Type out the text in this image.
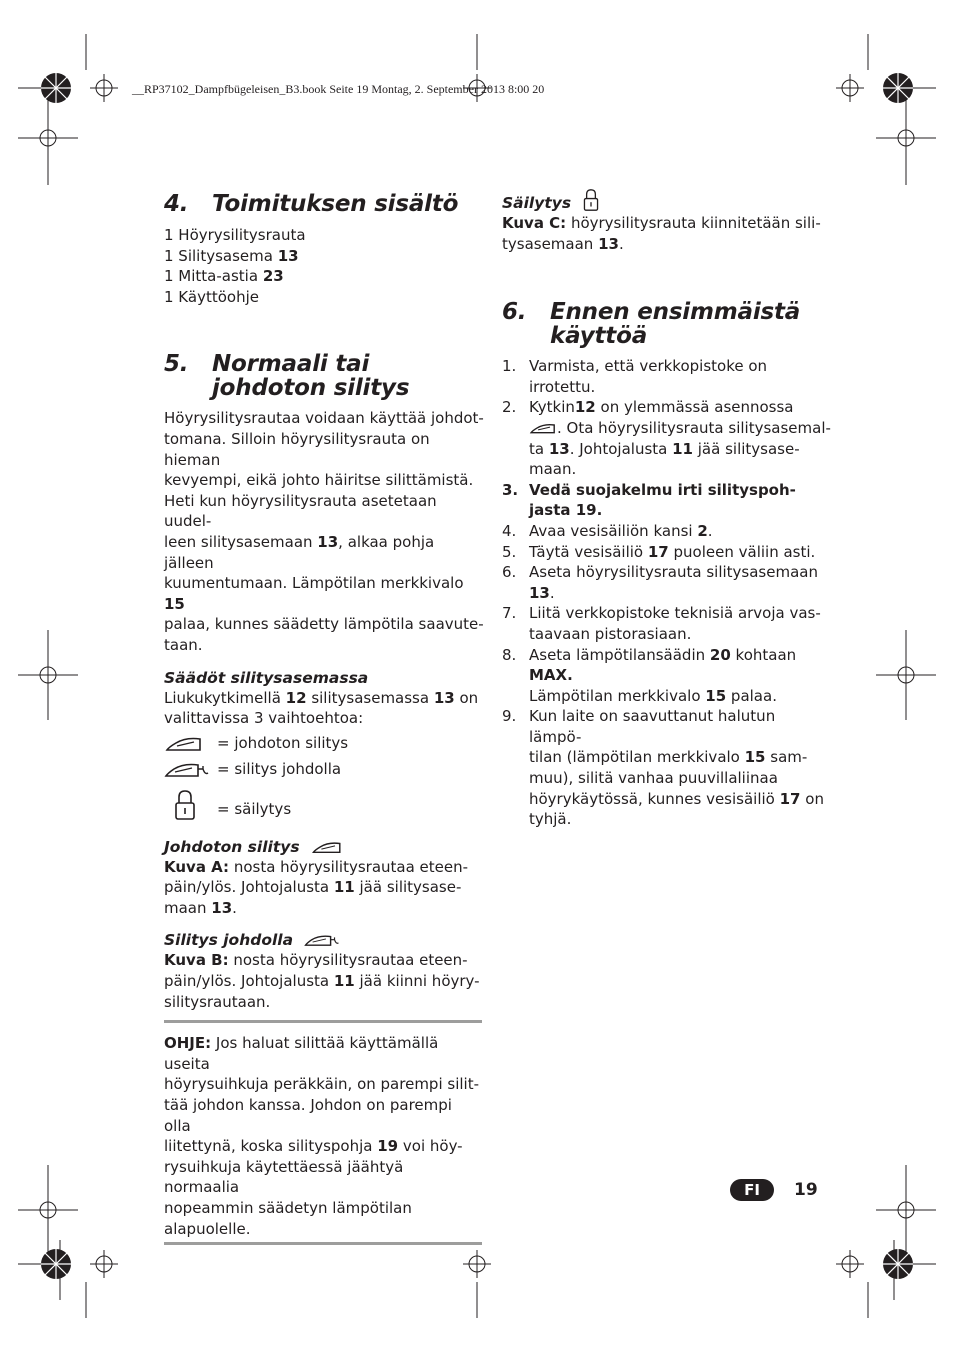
__RP37102_Dampfbügeleisen_B3.book Seite 19 Montag, 2. September 2013 8:00 20
4. Toimituksen sisältö

1 Höyrysilitysrauta

1 Silitysasema 13

1 Mitta-astia 23

1 Käyttöohje

5. Normaali tai
johdoton silitys

Höyrysilitysrautaa voidaan käyttää johdot-

tomana. Silloin höyrysilitysrauta on hieman

kevyempi, eikä johto häiritse silittämistä.

Heti kun höyrysilitysrauta asetetaan uudel-

leen silitysasemaan 13, alkaa pohja jälleen

kuumentumaan. Lämpötilan merkkivalo 15

palaa, kunnes säädetty lämpötila saavute-

taan.

Säädöt silitysasemassa

Liukukytkimellä 12 silitysasemassa 13 on

valittavissa 3 vaihtoehtoa:

= johdoton silitys
= silitys johdolla
= säilytys
Johdoton silitys

Kuva A: nosta höyrysilitysrautaa eteen-

päin/ylös. Johtojalusta 11 jää silitysase-

maan 13.

Silitys johdolla

Kuva B: nosta höyrysilitysrautaa eteen-

päin/ylös. Johtojalusta 11 jää kiinni höyry-

silitysrautaan.

OHJE: Jos haluat silittää käyttämällä useita

höyrysuihkuja peräkkäin, on parempi silit-

tää johdon kanssa. Johdon on parempi olla

liitettynä, koska silityspohja 19 voi höy-

rysuihkuja käytettäessä jäähtyä normaalia

nopeammin säädetyn lämpötilan alapuolelle.

Säilytys

Kuva C: höyrysilitysrauta kiinnitetään sili-

tysasemaan 13.

6. Ennen ensimmäistä
käyttöä
1. Varmista, että verkkopistoke on irrotettu.
2. Kytkin12 on ylemmässä asennossa

. Ota höyrysilitysrauta silitysasemal-

ta 13. Johtojalusta 11 jää silitysase-

maan.

3. Vedä suojakelmu irti silityspoh-

jasta 19.

4. Avaa vesisäiliön kansi 2.
5. Täytä vesisäiliö 17 puoleen väliin asti.
6. Aseta höyrysilitysrauta silitysasemaan

13.

7. Liitä verkkopistoke teknisiä arvoja vas-

taavaan pistorasiaan.

8. Aseta lämpötilansäädin 20 kohtaan

MAX.

Lämpötilan merkkivalo 15 palaa.

9. Kun laite on saavuttanut halutun lämpö-

tilan (lämpötilan merkkivalo 15 sam-

muu), silitä vanhaa puuvillaliinaa

höyrykäytössä, kunnes vesisäiliö 17 on

tyhjä.

FI	19
